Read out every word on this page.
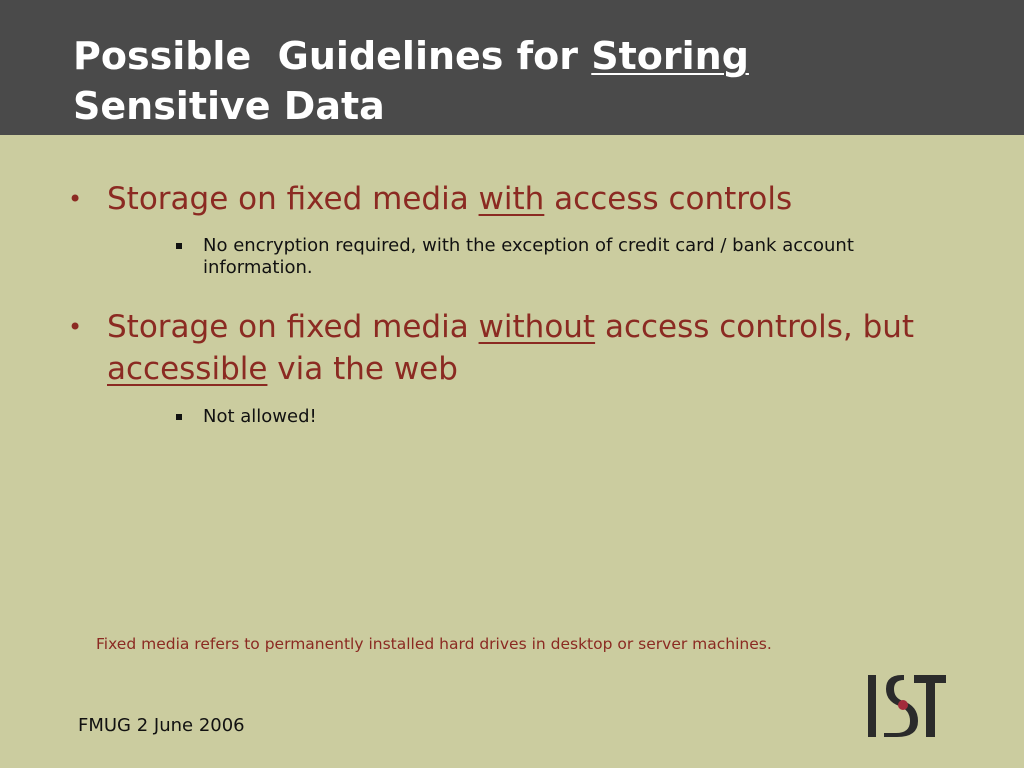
Possible  Guidelines for Storing
Sensitive Data
• Storage on fixed media with access controls
No encryption required, with the exception of credit card / bank account information.
• Storage on fixed media without access controls, but accessible via the web
Not allowed!
Fixed media refers to permanently installed hard drives in desktop or server machines.
FMUG 2 June 2006
